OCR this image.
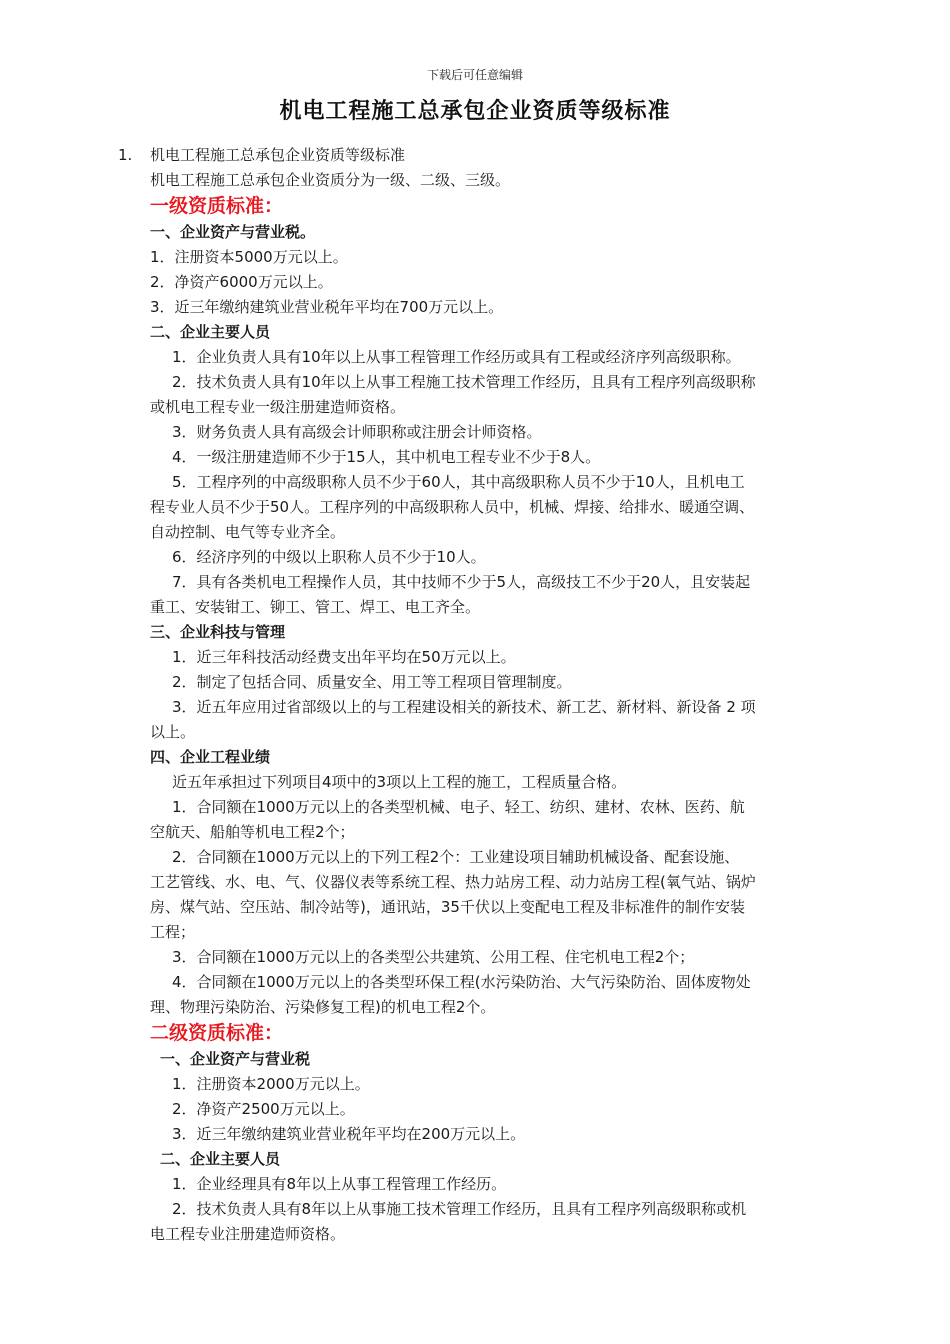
下载后可任意编辑
机电工程施工总承包企业资质等级标准
1. 机电工程施工总承包企业资质等级标准
机电工程施工总承包企业资质分为一级、二级、三级。
一级资质标准：
一、企业资产与营业税。
1．注册资本5000万元以上。
2．净资产6000万元以上。
3．近三年缴纳建筑业营业税年平均在700万元以上。
二、企业主要人员
1．企业负责人具有10年以上从事工程管理工作经历或具有工程或经济序列高级职称。
2．技术负责人具有10年以上从事工程施工技术管理工作经历，且具有工程序列高级职称
或机电工程专业一级注册建造师资格。
3．财务负责人具有高级会计师职称或注册会计师资格。
4．一级注册建造师不少于15人，其中机电工程专业不少于8人。
5．工程序列的中高级职称人员不少于60人，其中高级职称人员不少于10人，且机电工
程专业人员不少于50人。工程序列的中高级职称人员中，机械、焊接、给排水、暖通空调、
自动控制、电气等专业齐全。
6．经济序列的中级以上职称人员不少于10人。
7．具有各类机电工程操作人员，其中技师不少于5人，高级技工不少于20人，且安装起
重工、安装钳工、铆工、管工、焊工、电工齐全。
三、企业科技与管理
1．近三年科技活动经费支出年平均在50万元以上。
2．制定了包括合同、质量安全、用工等工程项目管理制度。
3．近五年应用过省部级以上的与工程建设相关的新技术、新工艺、新材料、新设备 2 项
以上。
四、企业工程业绩
近五年承担过下列项目4项中的3项以上工程的施工，工程质量合格。
1．合同额在1000万元以上的各类型机械、电子、轻工、纺织、建材、农林、医药、航
空航天、船舶等机电工程2个；
2．合同额在1000万元以上的下列工程2个：工业建设项目辅助机械设备、配套设施、
工艺管线、水、电、气、仪器仪表等系统工程、热力站房工程、动力站房工程(氧气站、锅炉
房、煤气站、空压站、制冷站等)，通讯站，35千伏以上变配电工程及非标准件的制作安装
工程；
3．合同额在1000万元以上的各类型公共建筑、公用工程、住宅机电工程2个；
4．合同额在1000万元以上的各类型环保工程(水污染防治、大气污染防治、固体废物处
理、物理污染防治、污染修复工程)的机电工程2个。
二级资质标准：
一、企业资产与营业税
1．注册资本2000万元以上。
2．净资产2500万元以上。
3．近三年缴纳建筑业营业税年平均在200万元以上。
二、企业主要人员
1．企业经理具有8年以上从事工程管理工作经历。
2．技术负责人具有8年以上从事施工技术管理工作经历，且具有工程序列高级职称或机
电工程专业注册建造师资格。
